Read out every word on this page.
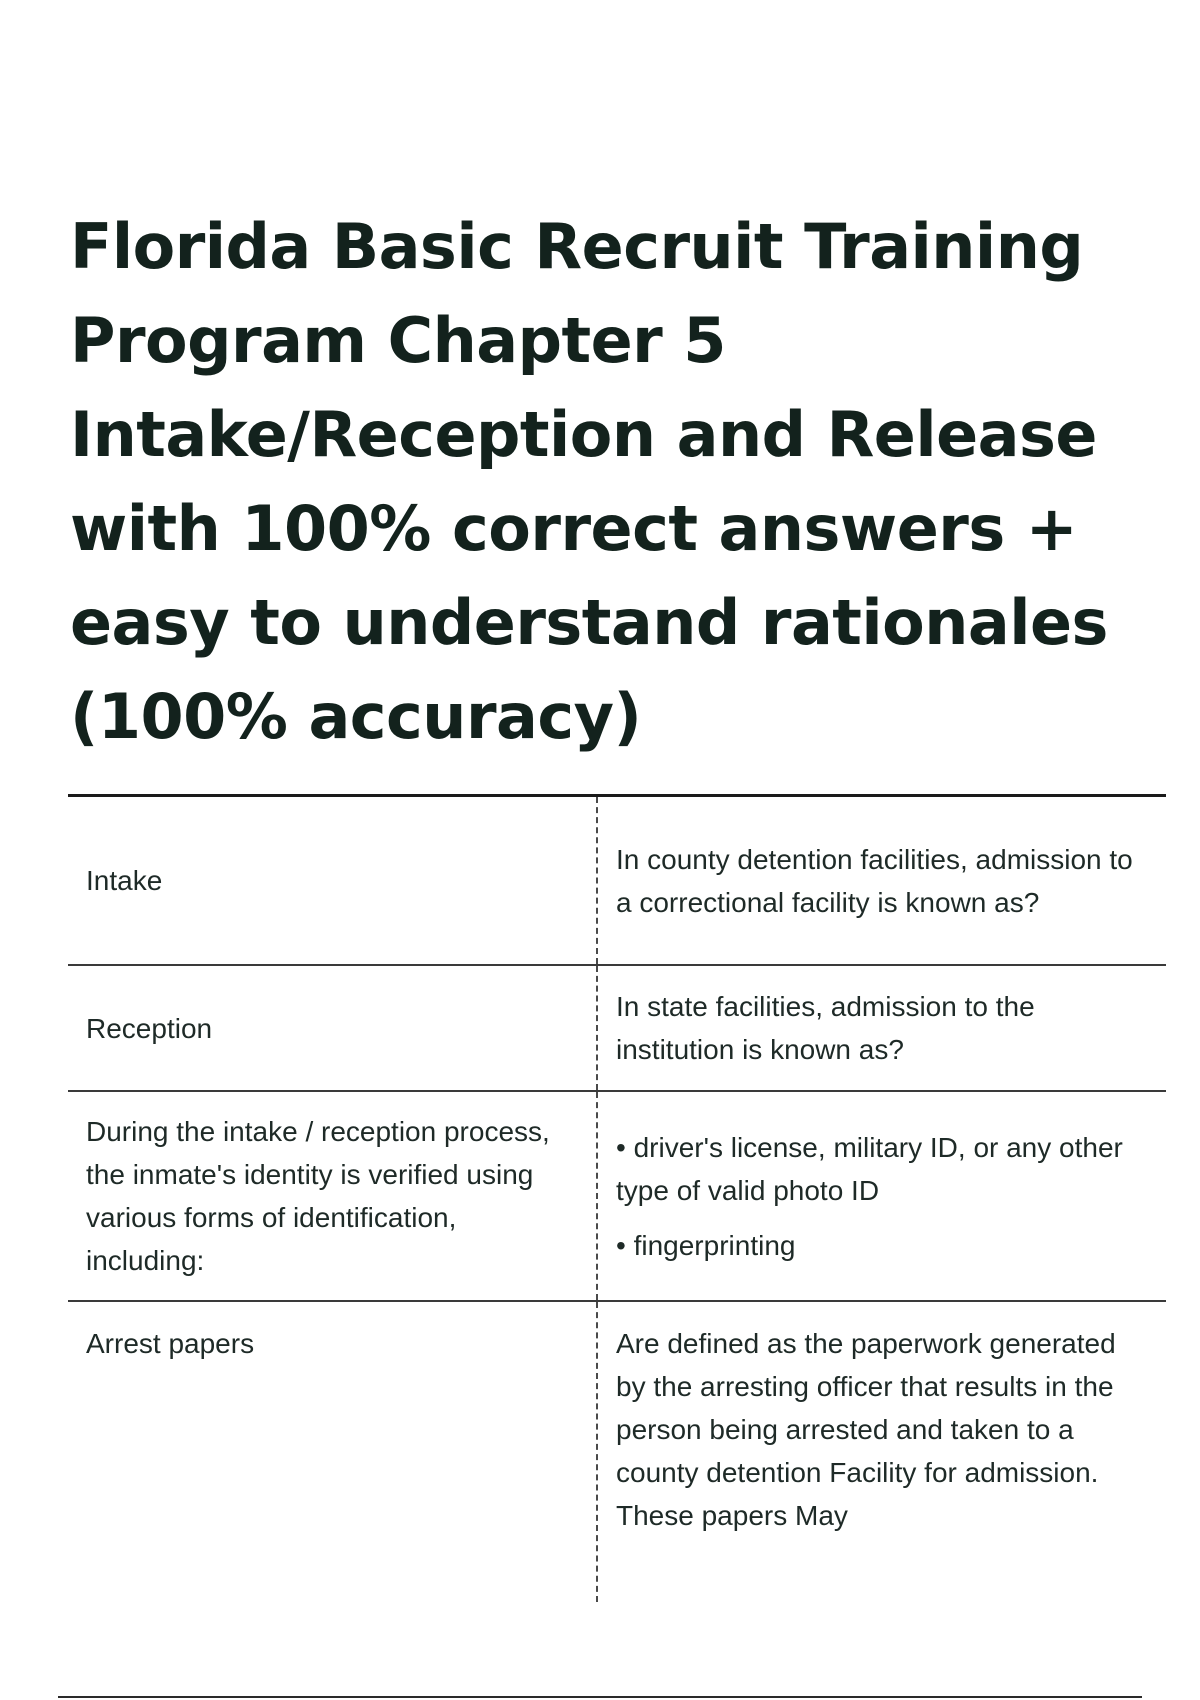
Florida Basic Recruit Training Program Chapter 5 Intake/Reception and Release with 100% correct answers + easy to understand rationales (100% accuracy)
Intake
In county detention facilities, admission to a correctional facility is known as?
Reception
In state facilities, admission to the institution is known as?
During the intake / reception process, the inmate's identity is verified using various forms of identification, including:
• driver's license, military ID, or any other type of valid photo ID
• fingerprinting
Arrest papers	Are defined as the paperwork generated by the arresting officer that results in the person being arrested and taken to a county detention Facility for admission. These papers May
